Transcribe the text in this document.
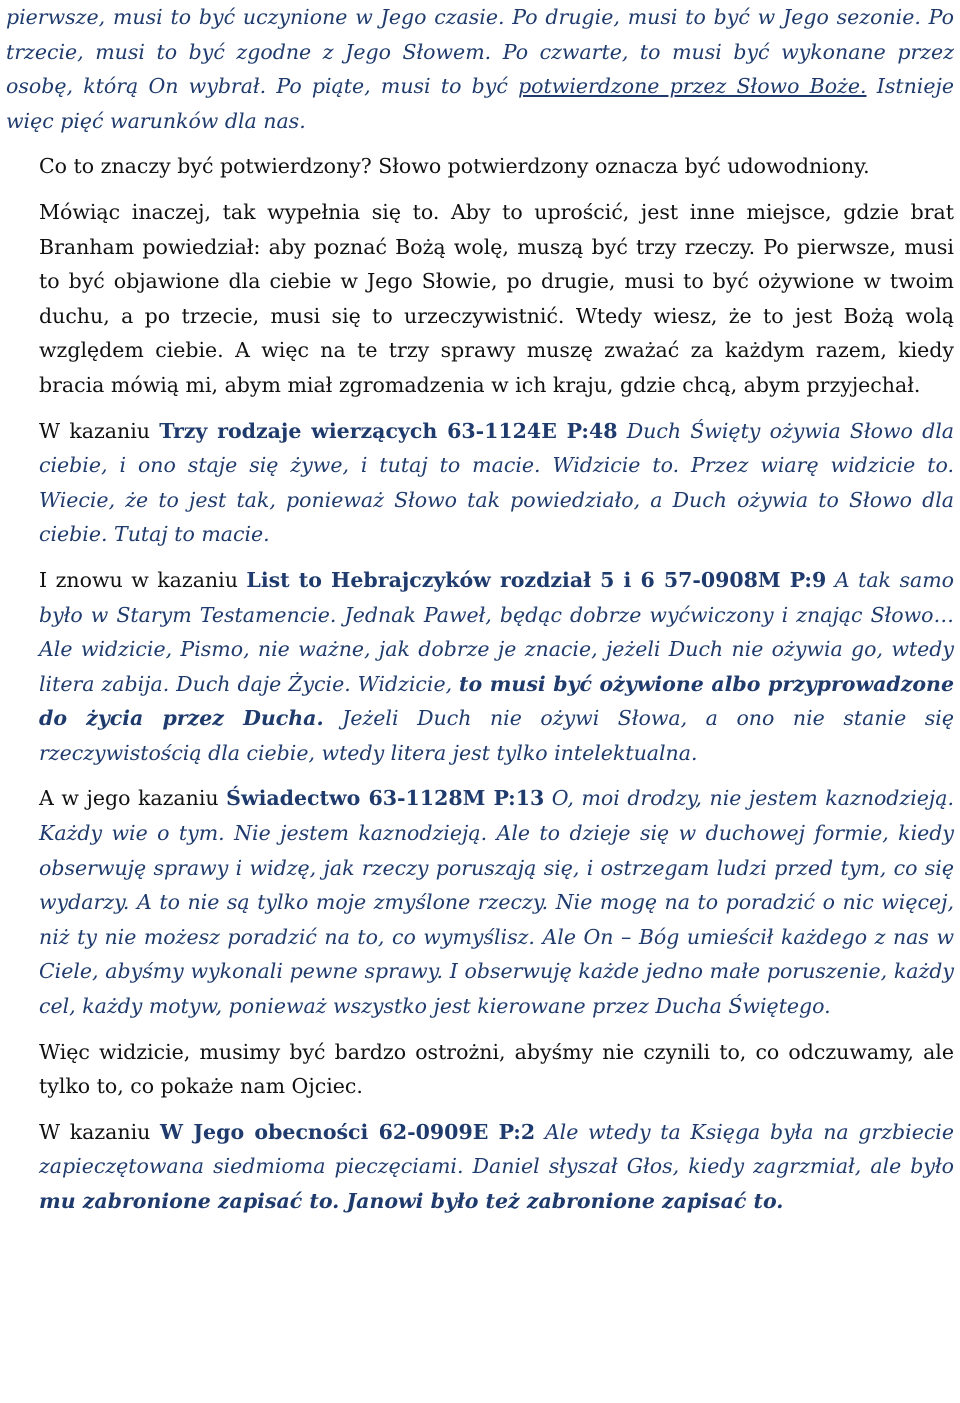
pierwsze, musi to być uczynione w Jego czasie. Po drugie, musi to być w Jego sezonie. Po trzecie, musi to być zgodne z Jego Słowem. Po czwarte, to musi być wykonane przez osobę, którą On wybrał. Po piąte, musi to być potwierdzone przez Słowo Boże. Istnieje więc pięć warunków dla nas.

Co to znaczy być potwierdzony? Słowo potwierdzony oznacza być udowodniony.

Mówiąc inaczej, tak wypełnia się to. Aby to uprościć, jest inne miejsce, gdzie brat Branham powiedział: aby poznać Bożą wolę, muszą być trzy rzeczy. Po pierwsze, musi to być objawione dla ciebie w Jego Słowie, po drugie, musi to być ożywione w twoim duchu, a po trzecie, musi się to urzeczywistnić. Wtedy wiesz, że to jest Bożą wolą względem ciebie. A więc na te trzy sprawy muszę zważać za każdym razem, kiedy bracia mówią mi, abym miał zgromadzenia w ich kraju, gdzie chcą, abym przyjechał.

W kazaniu Trzy rodzaje wierzących 63-1124E P:48 Duch Święty ożywia Słowo dla ciebie, i ono staje się żywe, i tutaj to macie. Widzicie to. Przez wiarę widzicie to. Wiecie, że to jest tak, ponieważ Słowo tak powiedziało, a Duch ożywia to Słowo dla ciebie. Tutaj to macie.

I znowu w kazaniu List to Hebrajczyków rozdział 5 i 6 57-0908M P:9 A tak samo było w Starym Testamencie. Jednak Paweł, będąc dobrze wyćwiczony i znając Słowo… Ale widzicie, Pismo, nie ważne, jak dobrze je znacie, jeżeli Duch nie ożywia go, wtedy litera zabija. Duch daje Życie. Widzicie, to musi być ożywione albo przyprowadzone do życia przez Ducha. Jeżeli Duch nie ożywi Słowa, a ono nie stanie się rzeczywistością dla ciebie, wtedy litera jest tylko intelektualna.

A w jego kazaniu Świadectwo 63-1128M P:13 O, moi drodzy, nie jestem kaznodzieją. Każdy wie o tym. Nie jestem kaznodzieją. Ale to dzieje się w duchowej formie, kiedy obserwuję sprawy i widzę, jak rzeczy poruszają się, i ostrzegam ludzi przed tym, co się wydarzy. A to nie są tylko moje zmyślone rzeczy. Nie mogę na to poradzić o nic więcej, niż ty nie możesz poradzić na to, co wymyślisz. Ale On – Bóg umieścił każdego z nas w Ciele, abyśmy wykonali pewne sprawy. I obserwuję każde jedno małe poruszenie, każdy cel, każdy motyw, ponieważ wszystko jest kierowane przez Ducha Świętego.

Więc widzicie, musimy być bardzo ostrożni, abyśmy nie czynili to, co odczuwamy, ale tylko to, co pokaże nam Ojciec.

W kazaniu W Jego obecności 62-0909E P:2 Ale wtedy ta Księga była na grzbiecie zapieczętowana siedmioma pieczęciami. Daniel słyszał Głos, kiedy zagrzmiał, ale było mu zabronione zapisać to. Janowi było też zabronione zapisać to.
